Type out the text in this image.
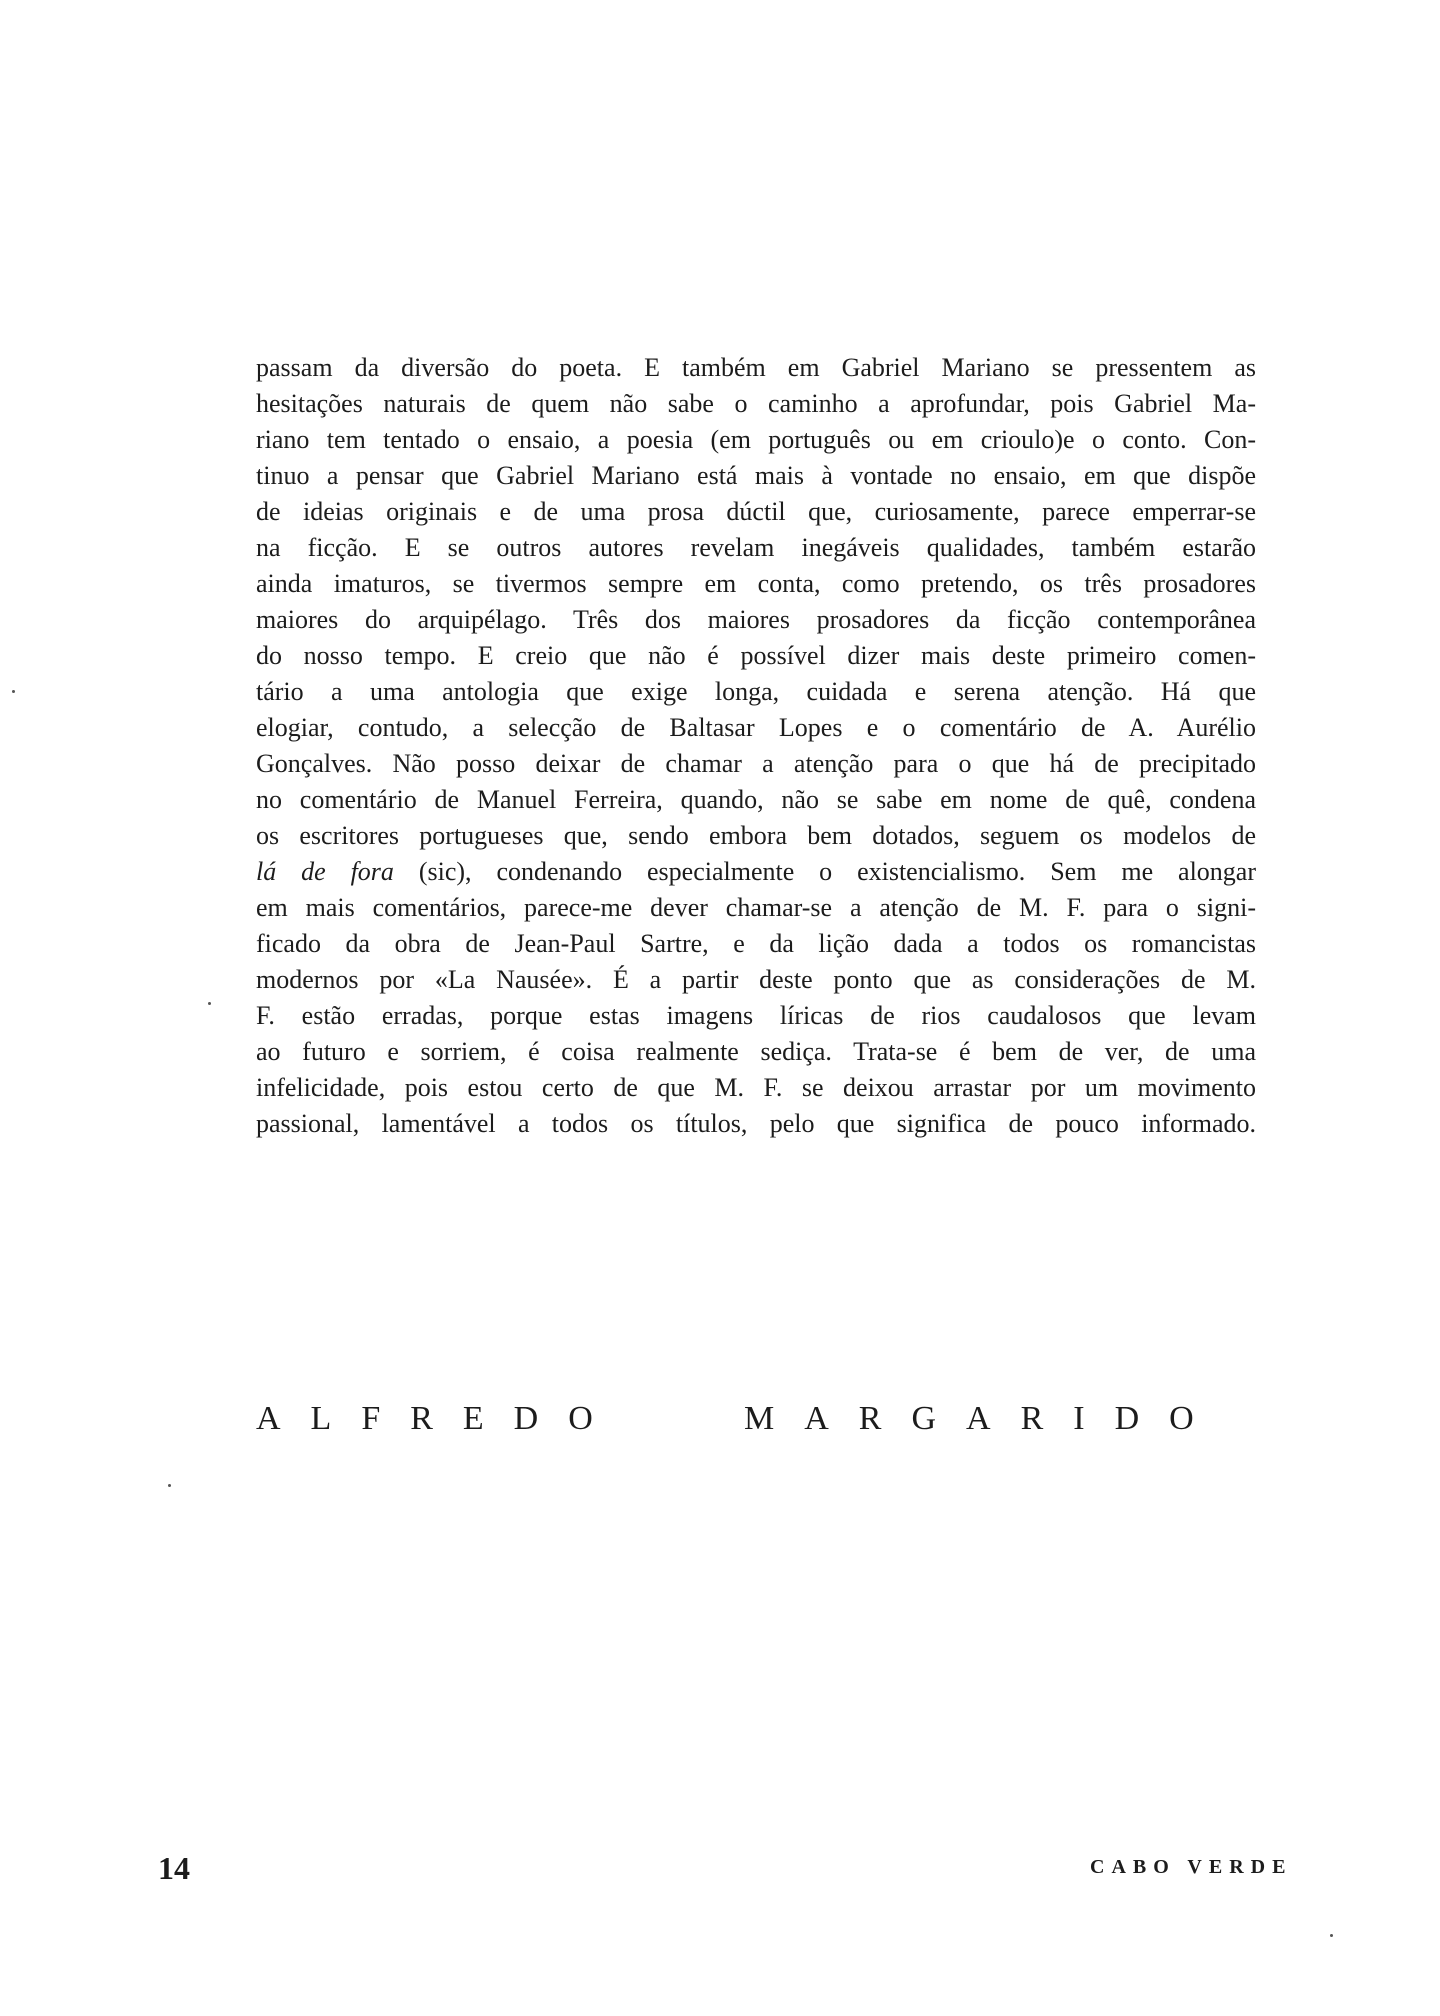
passam da diversão do poeta. E também em Gabriel Mariano se pressentem as
hesitações naturais de quem não sabe o caminho a aprofundar, pois Gabriel Ma-
riano tem tentado o ensaio, a poesia (em português ou em crioulo)e o conto. Con-
tinuo a pensar que Gabriel Mariano está mais à vontade no ensaio, em que dispõe
de ideias originais e de uma prosa dúctil que, curiosamente, parece emperrar-se
na ficção. E se outros autores revelam inegáveis qualidades, também estarão
ainda imaturos, se tivermos sempre em conta, como pretendo, os três prosadores
maiores do arquipélago. Três dos maiores prosadores da ficção contemporânea
do nosso tempo. E creio que não é possível dizer mais deste primeiro comen-
tário a uma antologia que exige longa, cuidada e serena atenção. Há que
elogiar, contudo, a selecção de Baltasar Lopes e o comentário de A. Aurélio
Gonçalves. Não posso deixar de chamar a atenção para o que há de precipitado
no comentário de Manuel Ferreira, quando, não se sabe em nome de quê, condena
os escritores portugueses que, sendo embora bem dotados, seguem os modelos de
lá de fora (sic), condenando especialmente o existencialismo. Sem me alongar
em mais comentários, parece-me dever chamar-se a atenção de M. F. para o signi-
ficado da obra de Jean-Paul Sartre, e da lição dada a todos os romancistas
modernos por «La Nausée». É a partir deste ponto que as considerações de M.
F. estão erradas, porque estas imagens líricas de rios caudalosos que levam
ao futuro e sorriem, é coisa realmente sediça. Trata-se é bem de ver, de uma
infelicidade, pois estou certo de que M. F. se deixou arrastar por um movimento
passional, lamentável a todos os títulos, pelo que significa de pouco informado.
ALFREDO	MARGARIDO
14	CABO VERDE
